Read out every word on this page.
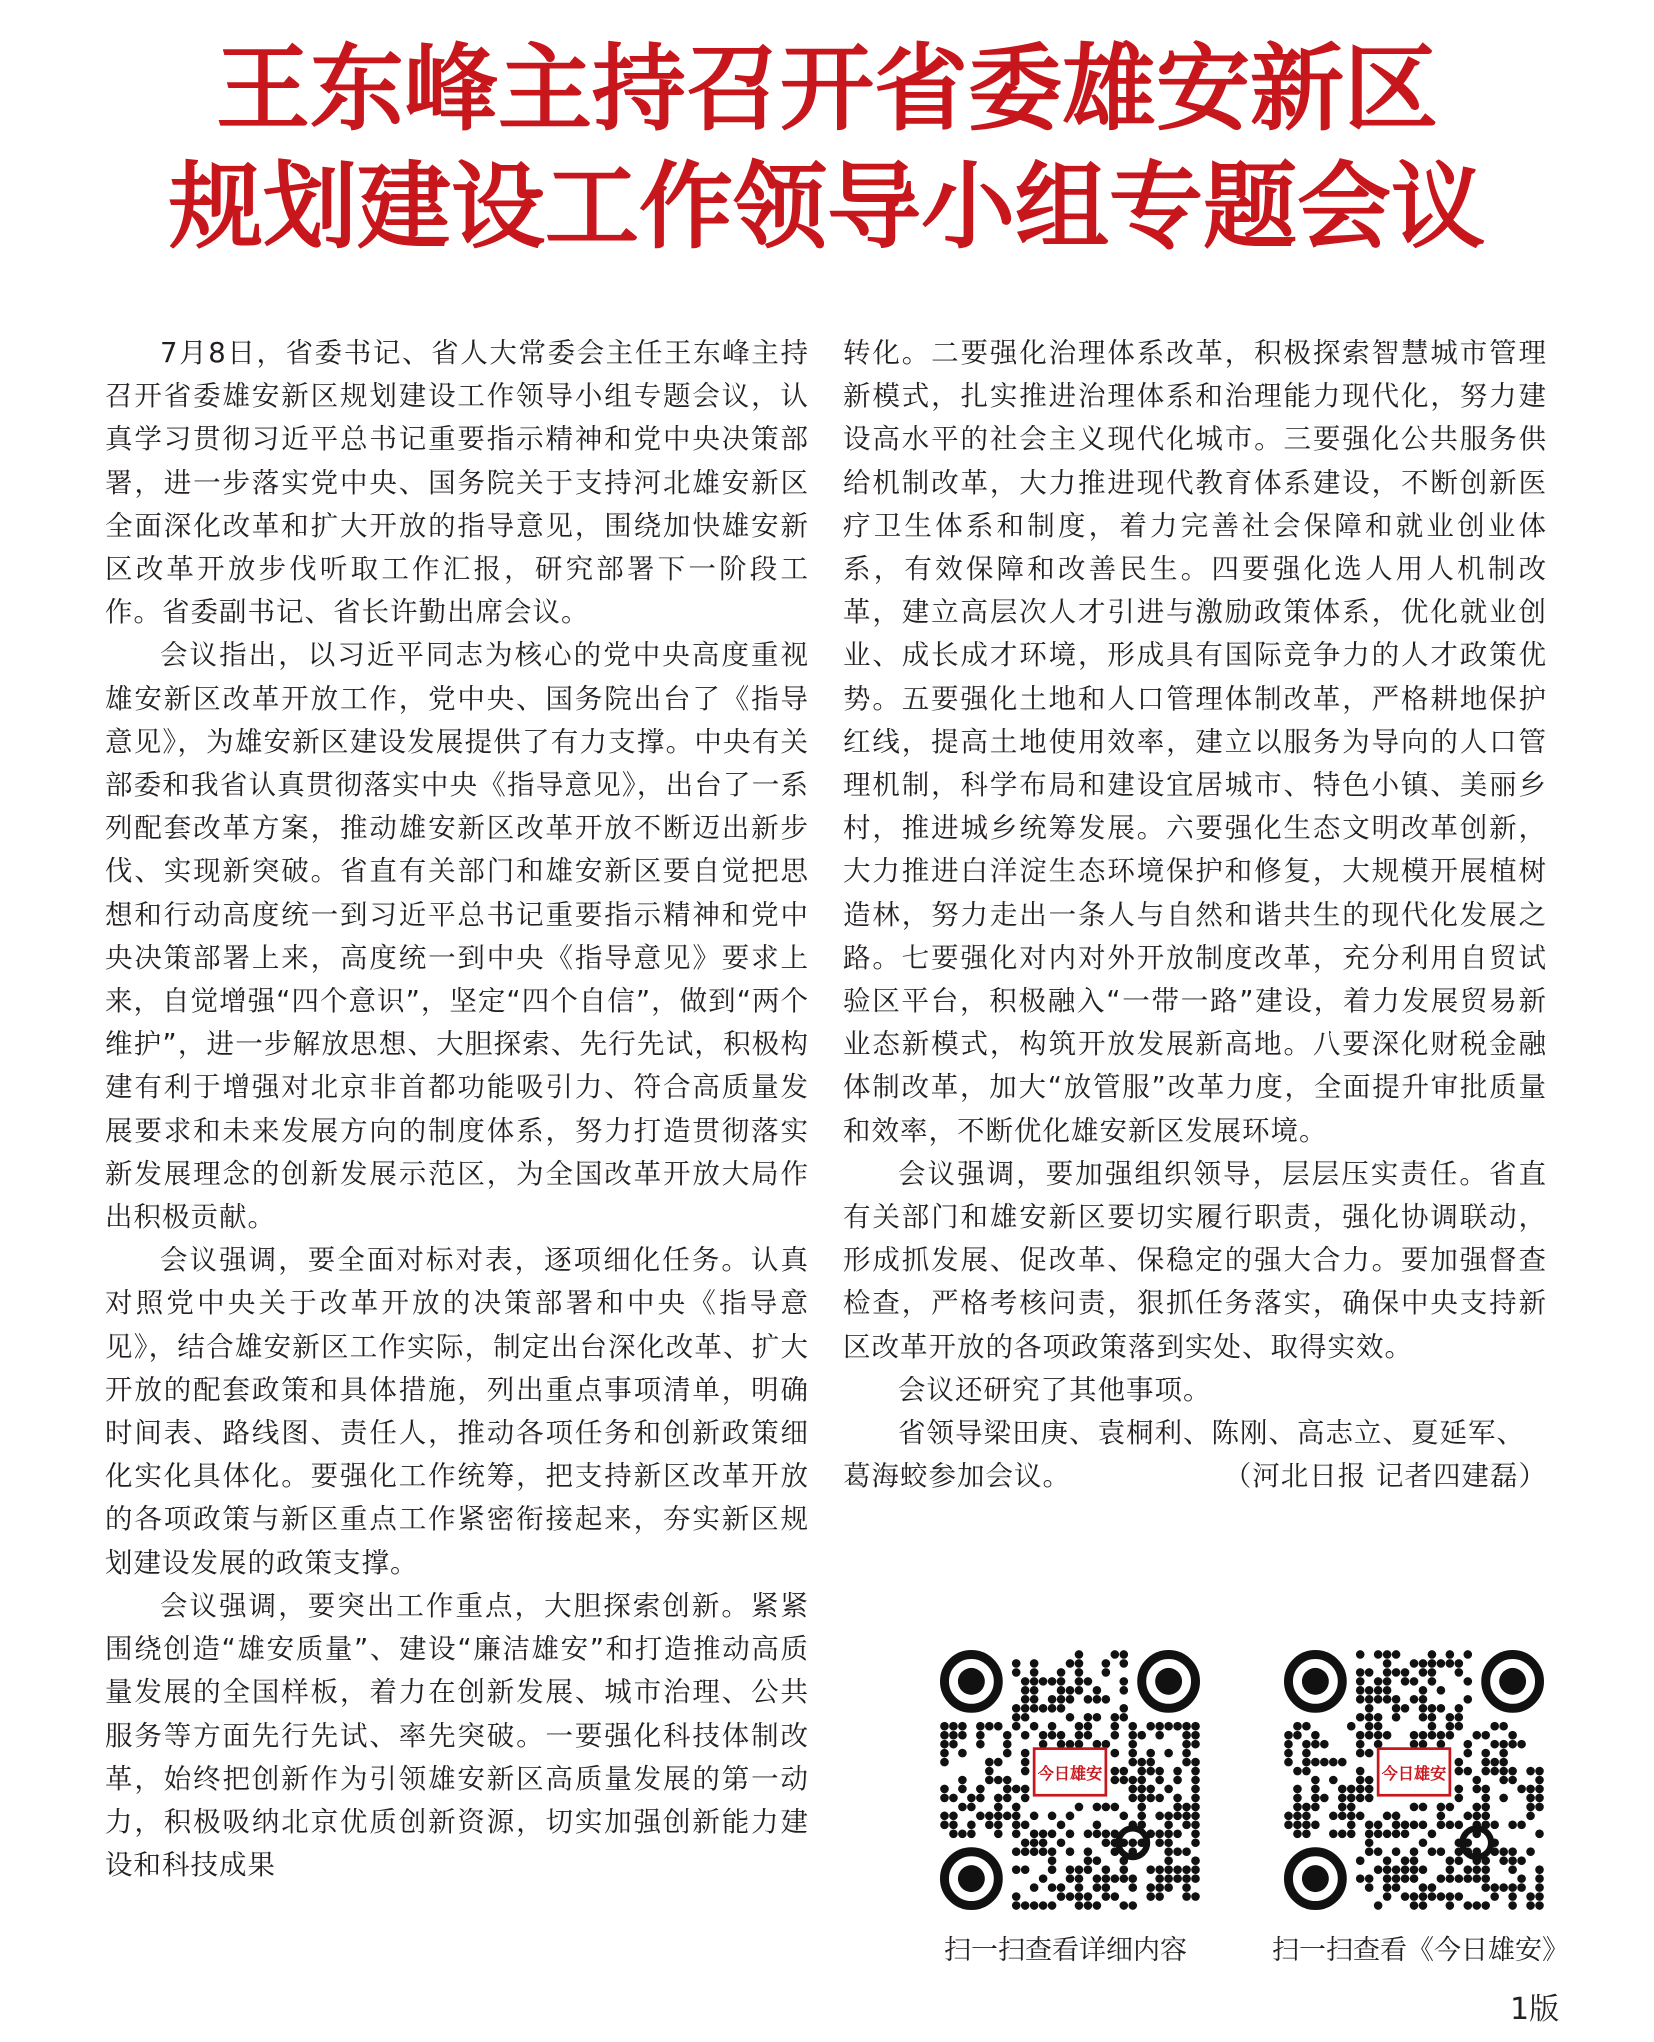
王东峰主持召开省委雄安新区
规划建设工作领导小组专题会议

7月8日，省委书记、省人大常委会主任王东峰主持召开省委雄安新区规划建设工作领导小组专题会议，认真学习贯彻习近平总书记重要指示精神和党中央决策部署，进一步落实党中央、国务院关于支持河北雄安新区全面深化改革和扩大开放的指导意见，围绕加快雄安新区改革开放步伐听取工作汇报，研究部署下一阶段工作。省委副书记、省长许勤出席会议。

会议指出，以习近平同志为核心的党中央高度重视雄安新区改革开放工作，党中央、国务院出台了《指导意见》，为雄安新区建设发展提供了有力支撑。中央有关部委和我省认真贯彻落实中央《指导意见》，出台了一系列配套改革方案，推动雄安新区改革开放不断迈出新步伐、实现新突破。省直有关部门和雄安新区要自觉把思想和行动高度统一到习近平总书记重要指示精神和党中央决策部署上来，高度统一到中央《指导意见》要求上来，自觉增强“四个意识”，坚定“四个自信”，做到“两个维护”，进一步解放思想、大胆探索、先行先试，积极构建有利于增强对北京非首都功能吸引力、符合高质量发展要求和未来发展方向的制度体系，努力打造贯彻落实新发展理念的创新发展示范区，为全国改革开放大局作出积极贡献。

会议强调，要全面对标对表，逐项细化任务。认真对照党中央关于改革开放的决策部署和中央《指导意见》，结合雄安新区工作实际，制定出台深化改革、扩大开放的配套政策和具体措施，列出重点事项清单，明确时间表、路线图、责任人，推动各项任务和创新政策细化实化具体化。要强化工作统筹，把支持新区改革开放的各项政策与新区重点工作紧密衔接起来，夯实新区规划建设发展的政策支撑。

会议强调，要突出工作重点，大胆探索创新。紧紧围绕创造“雄安质量”、建设“廉洁雄安”和打造推动高质量发展的全国样板，着力在创新发展、城市治理、公共服务等方面先行先试、率先突破。一要强化科技体制改革，始终把创新作为引领雄安新区高质量发展的第一动力，积极吸纳北京优质创新资源，切实加强创新能力建设和科技成果

转化。二要强化治理体系改革，积极探索智慧城市管理新模式，扎实推进治理体系和治理能力现代化，努力建设高水平的社会主义现代化城市。三要强化公共服务供给机制改革，大力推进现代教育体系建设，不断创新医疗卫生体系和制度，着力完善社会保障和就业创业体系，有效保障和改善民生。四要强化选人用人机制改革，建立高层次人才引进与激励政策体系，优化就业创业、成长成才环境，形成具有国际竞争力的人才政策优势。五要强化土地和人口管理体制改革，严格耕地保护红线，提高土地使用效率，建立以服务为导向的人口管理机制，科学布局和建设宜居城市、特色小镇、美丽乡村，推进城乡统筹发展。六要强化生态文明改革创新，大力推进白洋淀生态环境保护和修复，大规模开展植树造林，努力走出一条人与自然和谐共生的现代化发展之路。七要强化对内对外开放制度改革，充分利用自贸试验区平台，积极融入“一带一路”建设，着力发展贸易新业态新模式，构筑开放发展新高地。八要深化财税金融体制改革，加大“放管服”改革力度，全面提升审批质量和效率，不断优化雄安新区发展环境。

会议强调，要加强组织领导，层层压实责任。省直有关部门和雄安新区要切实履行职责，强化协调联动，形成抓发展、促改革、保稳定的强大合力。要加强督查检查，严格考核问责，狠抓任务落实，确保中央支持新区改革开放的各项政策落到实处、取得实效。

会议还研究了其他事项。

省领导梁田庚、袁桐利、陈刚、高志立、夏延军、

葛海蛟参加会议。	（河北日报 记者四建磊）

今日雄安	今日雄安
扫一扫查看详细内容	扫一扫查看《今日雄安》
1版
